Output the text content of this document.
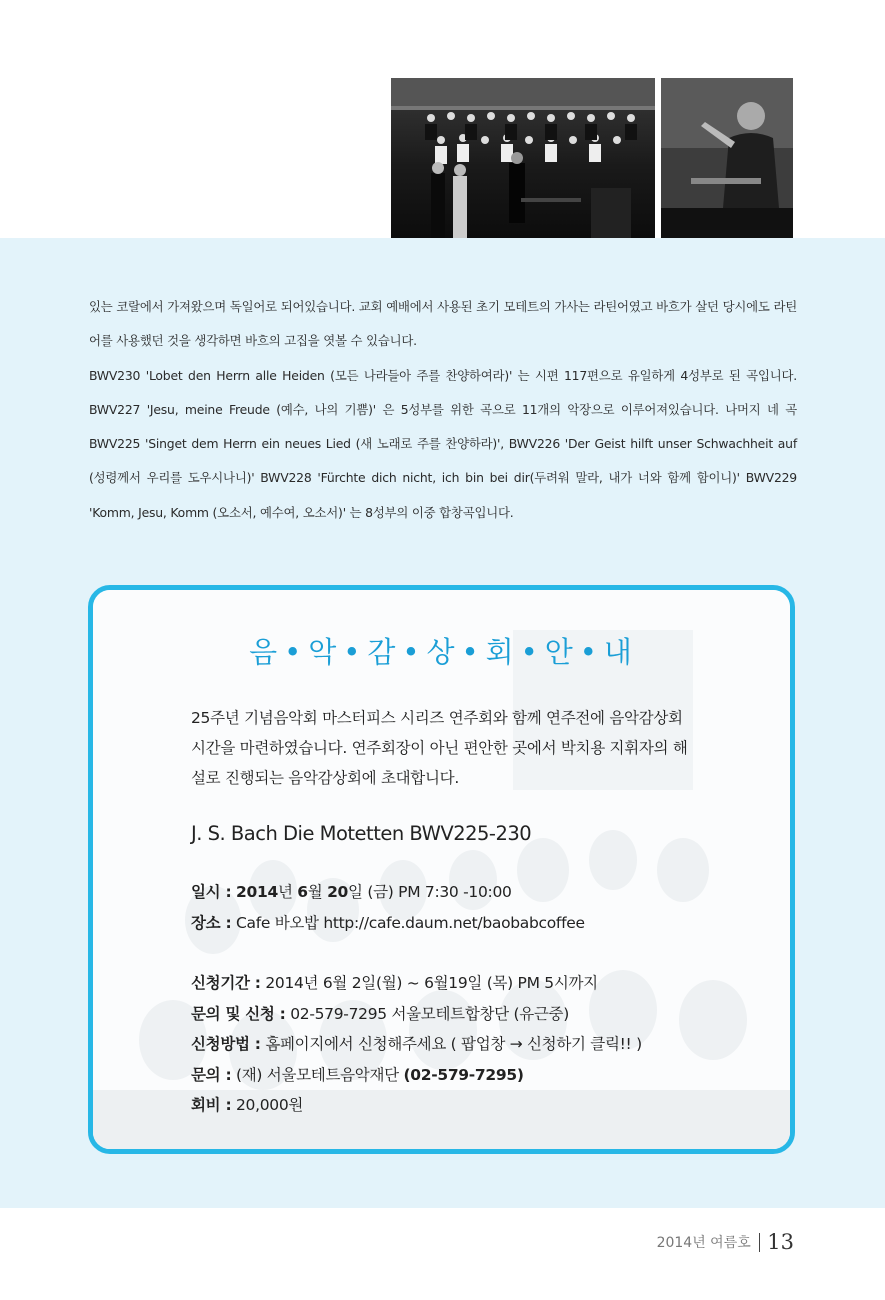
있는 코랄에서 가져왔으며 독일어로 되어있습니다. 교회 예배에서 사용된 초기 모테트의 가사는 라틴어였고 바흐가 살던 당시에도 라틴어를 사용했던 것을 생각하면 바흐의 고집을 엿볼 수 있습니다.

BWV230 'Lobet den Herrn alle Heiden (모든 나라들아 주를 찬양하여라)' 는 시편 117편으로 유일하게 4성부로 된 곡입니다. BWV227 'Jesu, meine Freude (예수, 나의 기쁨)' 은 5성부를 위한 곡으로 11개의 악장으로 이루어져있습니다. 나머지 네 곡 BWV225 'Singet dem Herrn ein neues Lied (새 노래로 주를 찬양하라)', BWV226 'Der Geist hilft unser Schwachheit auf (성령께서 우리를 도우시나니)' BWV228 'Fürchte dich nicht, ich bin bei dir(두려워 말라, 내가 너와 함께 함이니)' BWV229 'Komm, Jesu, Komm (오소서, 예수여, 오소서)' 는 8성부의 이중 합창곡입니다.

음 • 악 • 감 • 상 • 회 • 안 • 내

25주년 기념음악회 마스터피스 시리즈 연주회와 함께 연주전에 음악감상회

시간을 마련하였습니다. 연주회장이 아닌 편안한 곳에서 박치용 지휘자의 해

설로 진행되는 음악감상회에 초대합니다.

J. S. Bach Die Motetten BWV225-230
일시 : 2014년 6월 20일 (금) PM 7:30 -10:00
장소 : Cafe 바오밥 http://cafe.daum.net/baobabcoffee
신청기간 : 2014년 6월 2일(월) ~ 6월19일 (목) PM 5시까지
문의 및 신청 : 02-579-7295 서울모테트합창단 (유근중)
신청방법 : 홈페이지에서 신청해주세요 ( 팝업창 → 신청하기 클릭!! )
문의 : (재) 서울모테트음악재단 (02-579-7295)
회비 : 20,000원
2014년 여름호 13
